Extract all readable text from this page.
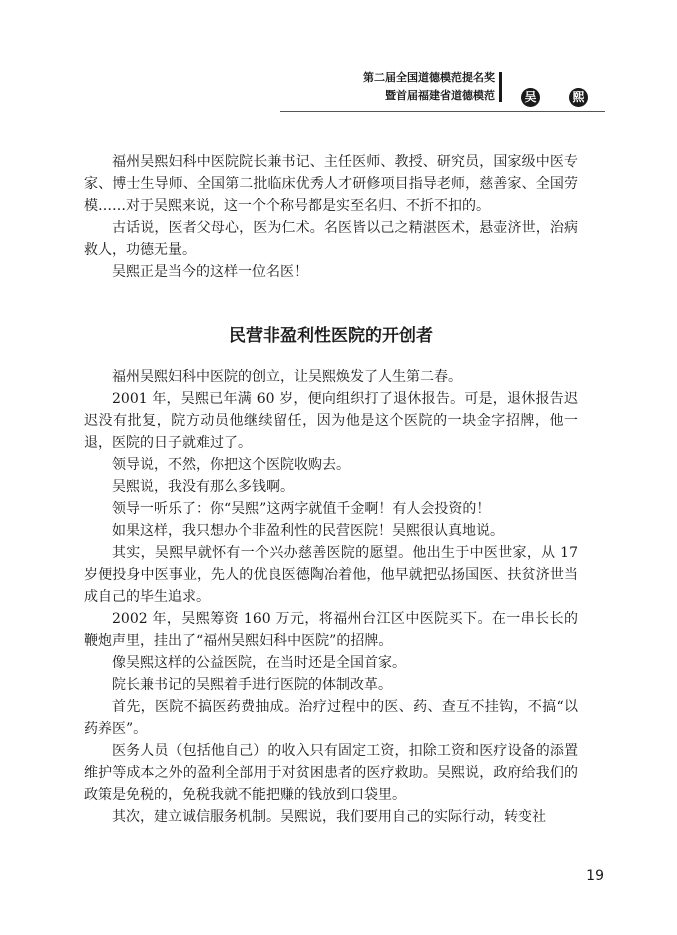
第二届全国道德模范提名奖
暨首届福建省道德模范 吴	熙

福州吴熙妇科中医院院长兼书记、主任医师、教授、研究员，国家级中医专家、博士生导师、全国第二批临床优秀人才研修项目指导老师，慈善家、全国劳模……对于吴熙来说，这一个个称号都是实至名归、不折不扣的。

古话说，医者父母心，医为仁术。名医皆以己之精湛医术，悬壶济世，治病救人，功德无量。

吴熙正是当今的这样一位名医！

民营非盈利性医院的开创者

福州吴熙妇科中医院的创立，让吴熙焕发了人生第二春。

2001 年，吴熙已年满 60 岁，便向组织打了退休报告。可是，退休报告迟迟没有批复，院方动员他继续留任，因为他是这个医院的一块金字招牌，他一退，医院的日子就难过了。

领导说，不然，你把这个医院收购去。

吴熙说，我没有那么多钱啊。

领导一听乐了：你“吴熙”这两字就值千金啊！有人会投资的！

如果这样，我只想办个非盈利性的民营医院！吴熙很认真地说。

其实，吴熙早就怀有一个兴办慈善医院的愿望。他出生于中医世家，从 17 岁便投身中医事业，先人的优良医德陶冶着他，他早就把弘扬国医、扶贫济世当成自己的毕生追求。

2002 年，吴熙筹资 160 万元，将福州台江区中医院买下。在一串长长的鞭炮声里，挂出了“福州吴熙妇科中医院”的招牌。

像吴熙这样的公益医院，在当时还是全国首家。

院长兼书记的吴熙着手进行医院的体制改革。

首先，医院不搞医药费抽成。治疗过程中的医、药、查互不挂钩，不搞“以药养医”。

医务人员（包括他自己）的收入只有固定工资，扣除工资和医疗设备的添置维护等成本之外的盈利全部用于对贫困患者的医疗救助。吴熙说，政府给我们的政策是免税的，免税我就不能把赚的钱放到口袋里。

其次，建立诚信服务机制。吴熙说，我们要用自己的实际行动，转变社

19
